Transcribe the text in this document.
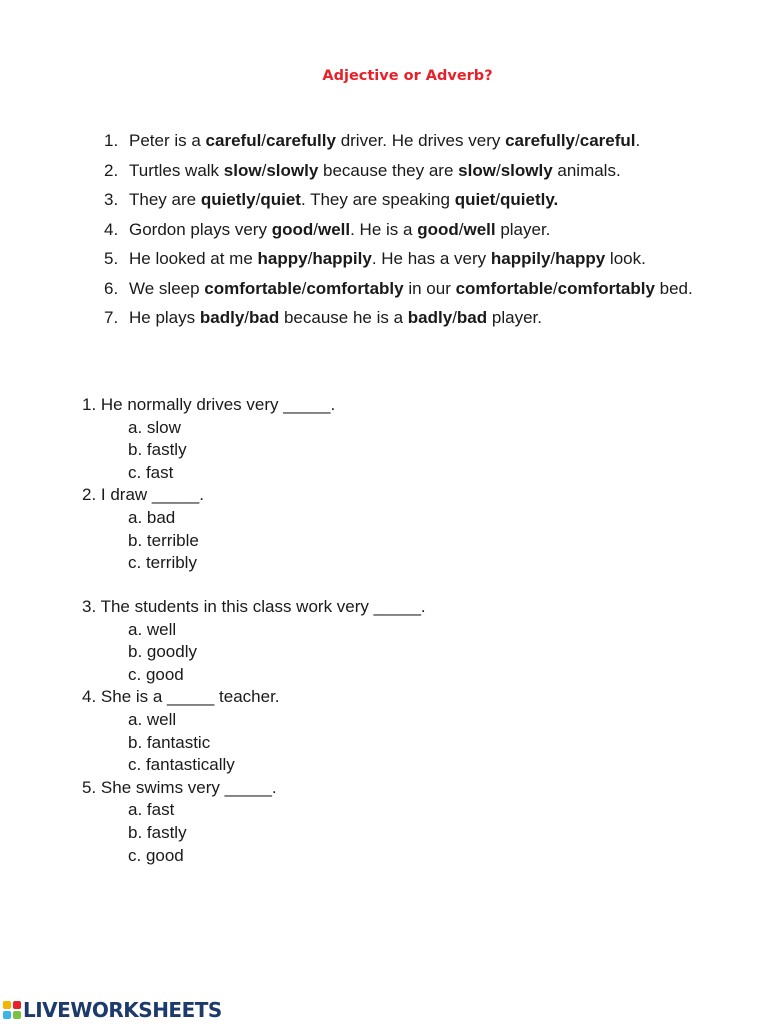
Adjective or Adverb?
1. Peter is a careful/carefully driver. He drives very carefully/careful.
2. Turtles walk slow/slowly because they are slow/slowly animals.
3. They are quietly/quiet. They are speaking quiet/quietly.
4. Gordon plays very good/well. He is a good/well player.
5. He looked at me happy/happily. He has a very happily/happy look.
6. We sleep comfortable/comfortably in our comfortable/comfortably bed.
7. He plays badly/bad because he is a badly/bad player.
1. He normally drives very _____.
a. slow
b. fastly
c. fast
2. I draw _____.
a. bad
b. terrible
c. terribly
3. The students in this class work very _____.
a. well
b. goodly
c. good
4. She is a _____ teacher.
a. well
b. fantastic
c. fantastically
5. She swims very _____.
a. fast
b. fastly
c. good
LIVEWORKSHEETS
